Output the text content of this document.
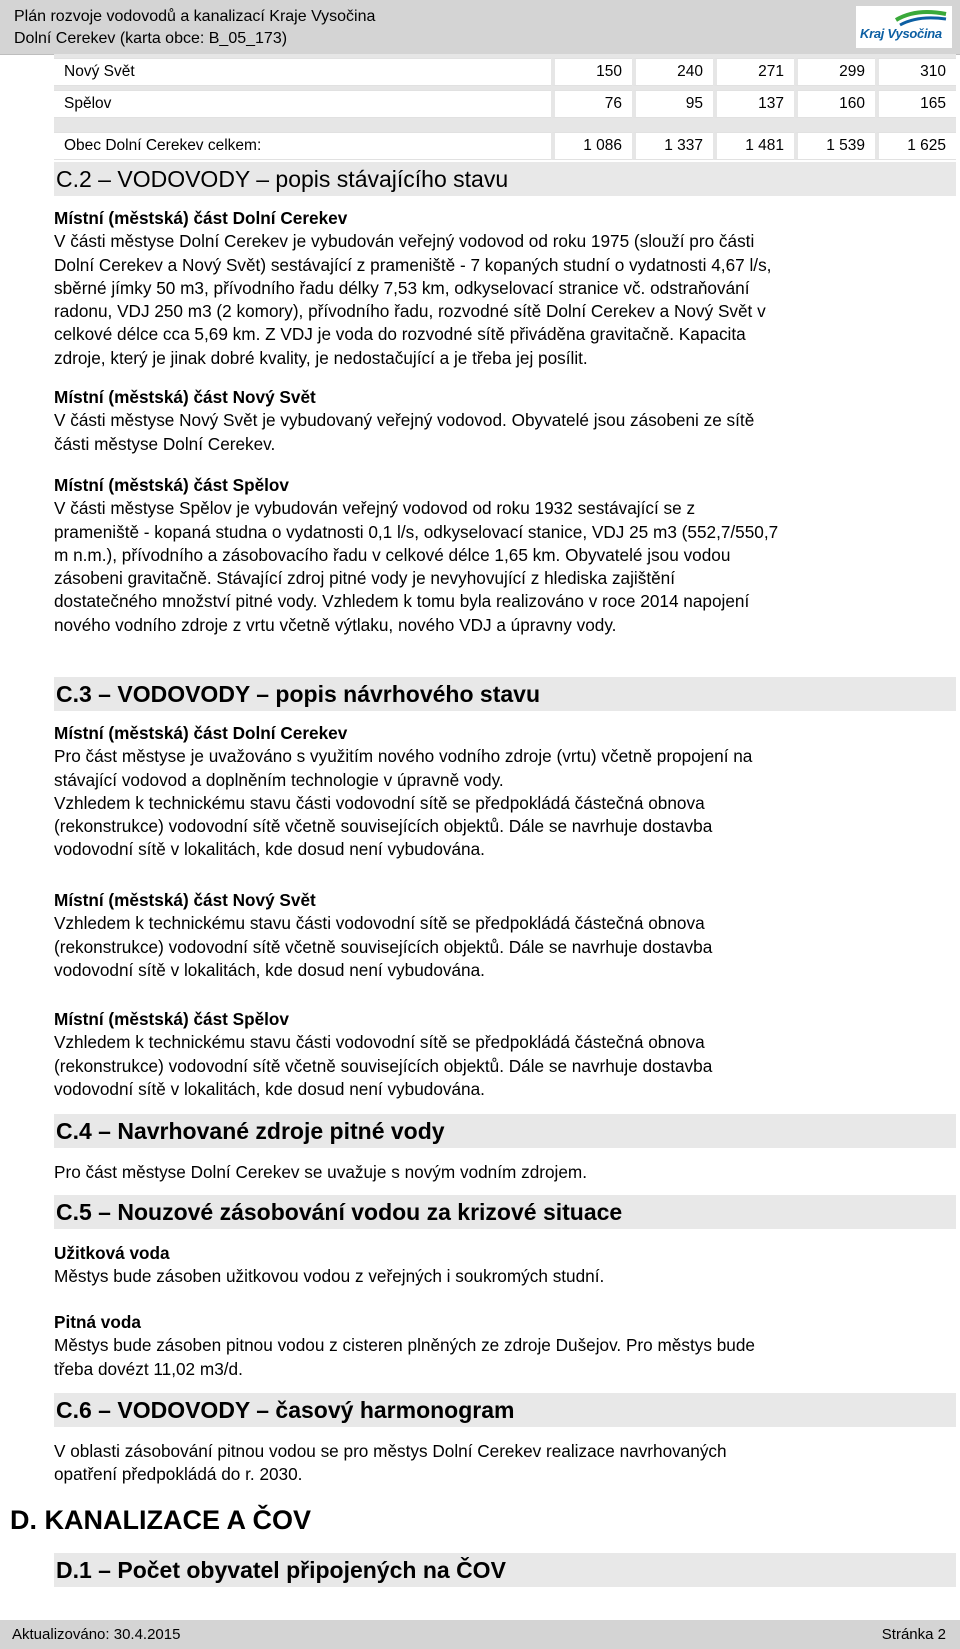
Plán rozvoje vodovodů a kanalizací Kraje Vysočina
Dolní Cerekev (karta obce: B_05_173)	Kraj Vysočina
Nový Svět	150	240	271	299	310
Spělov	76	95	137	160	165

Obec Dolní Cerekev celkem:	1 086	1 337	1 481	1 539	1 625
C.2 – VODOVODY – popis stávajícího stavu
Místní (městská) část Dolní Cerekev
V části městyse Dolní Cerekev je vybudován veřejný vodovod od roku 1975 (slouží pro části
Dolní Cerekev a Nový Svět) sestávající z prameniště - 7 kopaných studní o vydatnosti 4,67 l/s,
sběrné jímky 50 m3, přívodního řadu délky 7,53 km, odkyselovací stranice vč. odstraňování
radonu, VDJ 250 m3 (2 komory), přívodního řadu, rozvodné sítě Dolní Cerekev a Nový Svět v
celkové délce cca 5,69 km. Z VDJ je voda do rozvodné sítě přiváděna gravitačně. Kapacita
zdroje, který je jinak dobré kvality, je nedostačující a je třeba jej posílit.
Místní (městská) část Nový Svět
V části městyse Nový Svět je vybudovaný veřejný vodovod. Obyvatelé jsou zásobeni ze sítě
části městyse Dolní Cerekev.
Místní (městská) část Spělov
V části městyse Spělov je vybudován veřejný vodovod od roku 1932 sestávající se z
prameniště - kopaná studna o vydatnosti 0,1 l/s, odkyselovací stanice, VDJ 25 m3 (552,7/550,7
m n.m.), přívodního a zásobovacího řadu v celkové délce 1,65 km. Obyvatelé jsou vodou
zásobeni gravitačně. Stávající zdroj pitné vody je nevyhovující z hlediska zajištění
dostatečného množství pitné vody. Vzhledem k tomu byla realizováno v roce 2014 napojení
nového vodního zdroje z vrtu včetně výtlaku, nového VDJ a úpravny vody.
C.3 – VODOVODY – popis návrhového stavu
Místní (městská) část Dolní Cerekev
Pro část městyse je uvažováno s využitím nového vodního zdroje (vrtu) včetně propojení na
stávající vodovod a doplněním technologie v úpravně vody.
Vzhledem k technickému stavu části vodovodní sítě se předpokládá částečná obnova
(rekonstrukce) vodovodní sítě včetně souvisejících objektů. Dále se navrhuje dostavba
vodovodní sítě v lokalitách, kde dosud není vybudována.
Místní (městská) část Nový Svět
Vzhledem k technickému stavu části vodovodní sítě se předpokládá částečná obnova
(rekonstrukce) vodovodní sítě včetně souvisejících objektů. Dále se navrhuje dostavba
vodovodní sítě v lokalitách, kde dosud není vybudována.
Místní (městská) část Spělov
Vzhledem k technickému stavu části vodovodní sítě se předpokládá částečná obnova
(rekonstrukce) vodovodní sítě včetně souvisejících objektů. Dále se navrhuje dostavba
vodovodní sítě v lokalitách, kde dosud není vybudována.
C.4 – Navrhované zdroje pitné vody
Pro část městyse Dolní Cerekev se uvažuje s novým vodním zdrojem.
C.5 – Nouzové zásobování vodou za krizové situace
Užitková voda
Městys bude zásoben užitkovou vodou z veřejných i soukromých studní.
Pitná voda
Městys bude zásoben pitnou vodou z cisteren plněných ze zdroje Dušejov. Pro městys bude
třeba dovézt 11,02 m3/d.
C.6 – VODOVODY – časový harmonogram
V oblasti zásobování pitnou vodou se pro městys Dolní Cerekev realizace navrhovaných
opatření předpokládá do r. 2030.
D. KANALIZACE A ČOV
D.1 – Počet obyvatel připojených na ČOV
Aktualizováno: 30.4.2015	Stránka 2
